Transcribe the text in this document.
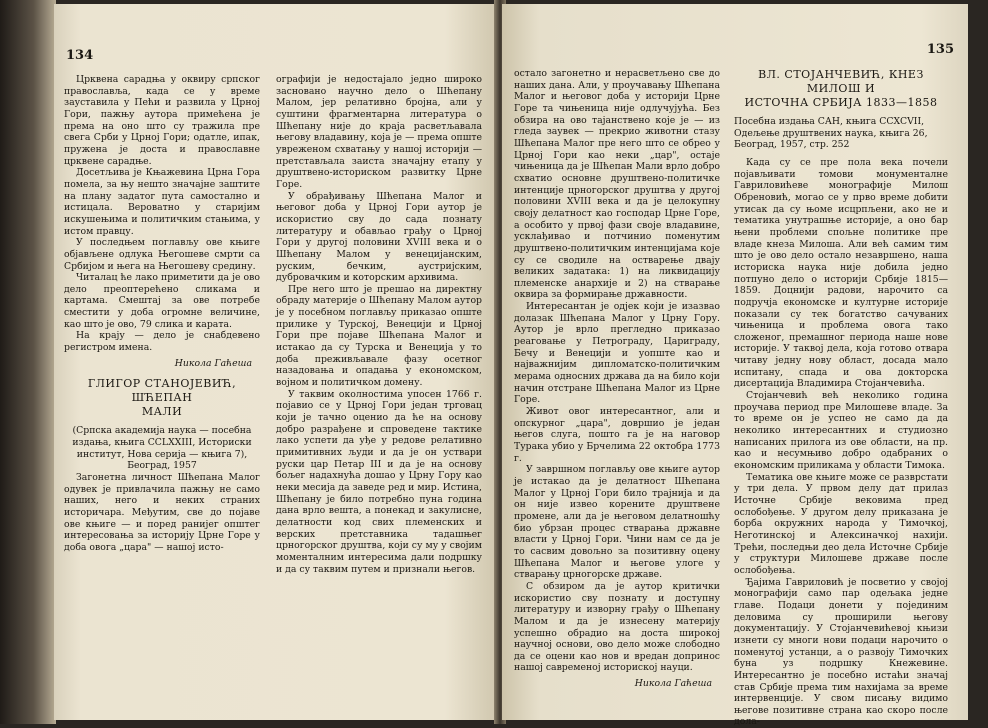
134

Црквена сарадња у оквиру српског православља, када се у време зауставила у Пећи и развила у Црној Гори, пажњу аутора примећена је према на оно што су тражила пре свега Срби у Црној Гори; одатле, ипак, пружена је доста и православне црквене сарадње.

Досетљива је Књажевина Црна Гора помела, за њу нешто значајне заштите на плану задатог пута самостално и истицала. Вероватно у старијим искушењима и политичким стањима, у истом правцу.

У последњем поглављу ове књиге објављене одлука Његошеве смрти са Србијом и њега на Његошеву средину.

Читалац ће лако приметити да је ово дело преоптерећено сликама и картама. Смештај за ове потребе сместити у доба огромне величине, као што је ово, 79 слика и карата.

На крају — дело је снабдевено регистром имена.

Никола Гаћеша
ГЛИГОР СТАНОЈЕВИЋ, ШЋЕПАН
МАЛИ

(Српска академија наука — посебна издања, књига CCLXXIII, Историски институт, Нова серија — књига 7), Београд, 1957

Загонетна личност Шћепана Малог одувек је привлачила пажњу не само наших, него и неких страних историчара. Међутим, све до појаве ове књиге — и поред ранијег општег интересовања за историју Црне Горе у доба овога „цара" — нашој исто-

ографији је недостајало једно широко засновано научно дело о Шћепану Малом, јер релативно бројна, али у суштини фрагментарна литература о Шћепану није до краја расветљавала његову владавину, која је — према опште увреженом схватању у нашој историји — претстављала заиста значајну етапу у друштвено-историском развитку Црне Горе.

У обрађивању Шћепана Малог и његовог доба у Црној Гори аутор је искористио сву до сада познату литературу и обављао грађу о Црној Гори у другој половини XVIII века и о Шћепану Малом у венецијанским, руским, бечким, аустријским, дубровачким и которским архивима.

Пре него што је прешао на директну обраду материје о Шћепану Малом аутор је у посебном поглављу приказао опште прилике у Турској, Венецији и Црној Гори пре појаве Шћепана Малог и истакао да су Турска и Венеција у то доба преживљавале фазу осетног назадовања и опадања у економском, војном и политичком домену.

У таквим околностима упосен 1766 г. појавио се у Црној Гори један трговац који је тачно оценио да ће на основу добро разрађене и спроведене тактике лако успети да уђе у редове релативно примитивних људи и да је он уствари руски цар Петар III и да је на основу бољег надахнућа дошао у Црну Гору као неки месија да заведе ред и мир. Истина, Шћепану је било потребно пуна година дана врло вешта, а понекад и закулисне, делатности код свих племенских и верских претставника тадашњег црногорског друштва, који су му у својим моменталним интересима дали подршку и да су таквим путем и признали његов.

135

остало загонетно и нерасветљено све до наших дана. Али, у проучавању Шћепана Малог и његовог доба у историји Црне Горе та чињеница није одлучујућа. Без обзира на ово тајанствено које је — из гледа заувек — прекрио животни стазу Шћепана Малог пре него што се обрео у Црној Гори као неки „цар", остаје чињеница да је Шћепан Мали врло добро схватио основне друштвено-политичке интенције црногорског друштва у другој половини XVIII века и да је целокупну своју делатност као господар Црне Горе, а особито у првој фази своје владавине, усклађивао и потчинио поменутим друштвено-политичким интенцијама које су се сводиле на остварење двају великих задатака: 1) на ликвидацију племенске анархије и 2) на стварање оквира за формирање државности.

Интересантан је одјек који је изазвао долазак Шћепана Малог у Црну Гору. Аутор је врло прегледно приказао реаговање у Петрограду, Цариграду, Бечу и Венецији и уопште као и најважнијим дипломатско-политичким мерама односних држава да на било који начин отстране Шћепана Малог из Црне Горе.

Живот овог интересантног, али и опскурног „цара", довршио је један његов слуга, пошто га је на наговор Турака убио у Брчелима 22 октобра 1773 г.

У завршном поглављу ове књиге аутор је истакао да је делатност Шћепана Малог у Црној Гори било трајнија и да он није извео корените друштвене промене, али да је његовом делатношћу био убрзан процес стварања државне власти у Црној Гори. Чини нам се да је то сасвим довољно за позитивну оцену Шћепана Малог и његове улоге у стварању црногорске државе.

С обзиром да је аутор критички искористио сву познату и доступну литературу и изворну грађу о Шћепану Малом и да је изнесену материју успешно обрадио на доста широкој научној основи, ово дело може слободно да се оцени као нов и вредан допринос нашој савременој историској науци.

Никола Гаћеша
ВЛ. СТОЈАНЧЕВИЋ, КНЕЗ МИЛОШ И
ИСТОЧНА СРБИЈА 1833—1858

Посебна издања САН, књига CCXCVII, Одељење друштвених наука, књига 26, Београд, 1957, стр. 252

Када су се пре пола века почели појављивати томови монументалне Гавриловићеве монографије Милош Обреновић, могао се у прво време добити утисак да су њоме исцрпљени, ако не и тематика унутрашње историје, а оно бар њени проблеми спољне политике пре владе кнеза Милоша. Али већ самим тим што је ово дело остало незавршено, наша историска наука није добила једно потпуно дело о историји Србије 1815—1859. Доцнији радови, нарочито са подручја економске и културне историје показали су тек богатство сачуваних чињеница и проблема овога тако сложеног, премашног периода наше нове историје. У таквој дела, која готово отвара читаву једну нову област, досада мало испитану, спада и ова докторска дисертација Владимира Стојанчевића.

Стојанчевић већ неколико година проучава период пре Милошеве владе. За то време он је успео не само да да неколико интересантних и студиозно написаних прилога из ове области, на пр. као и несумњиво добро одабраних о економским приликама у области Тимока.

Тематика ове књиге може се разврстати у три дела. У првом делу дат прилаз Источне Србије вековима пред ослобођење. У другом делу приказана је борба окружних народа у Тимочкој, Неготинској и Алексиначкој нахији. Трећи, последњи део дела Источне Србије у структури Милошеве државе после ослобођења.

Ђајима Гавриловић је посветио у својој монографији само пар одељака једне главе. Подаци донети у појединим деловима су проширили његову документацију. У Стојанчевићевој књизи изнети су многи нови подаци нарочито о поменутој устанци, а о развоју Тимочких буна уз подршку Кнежевине. Интересантно је посебно истаћи значај став Србије према тим нахијама за време интервенције. У свом писању видимо његове позитивне страна као скоро после дола-
